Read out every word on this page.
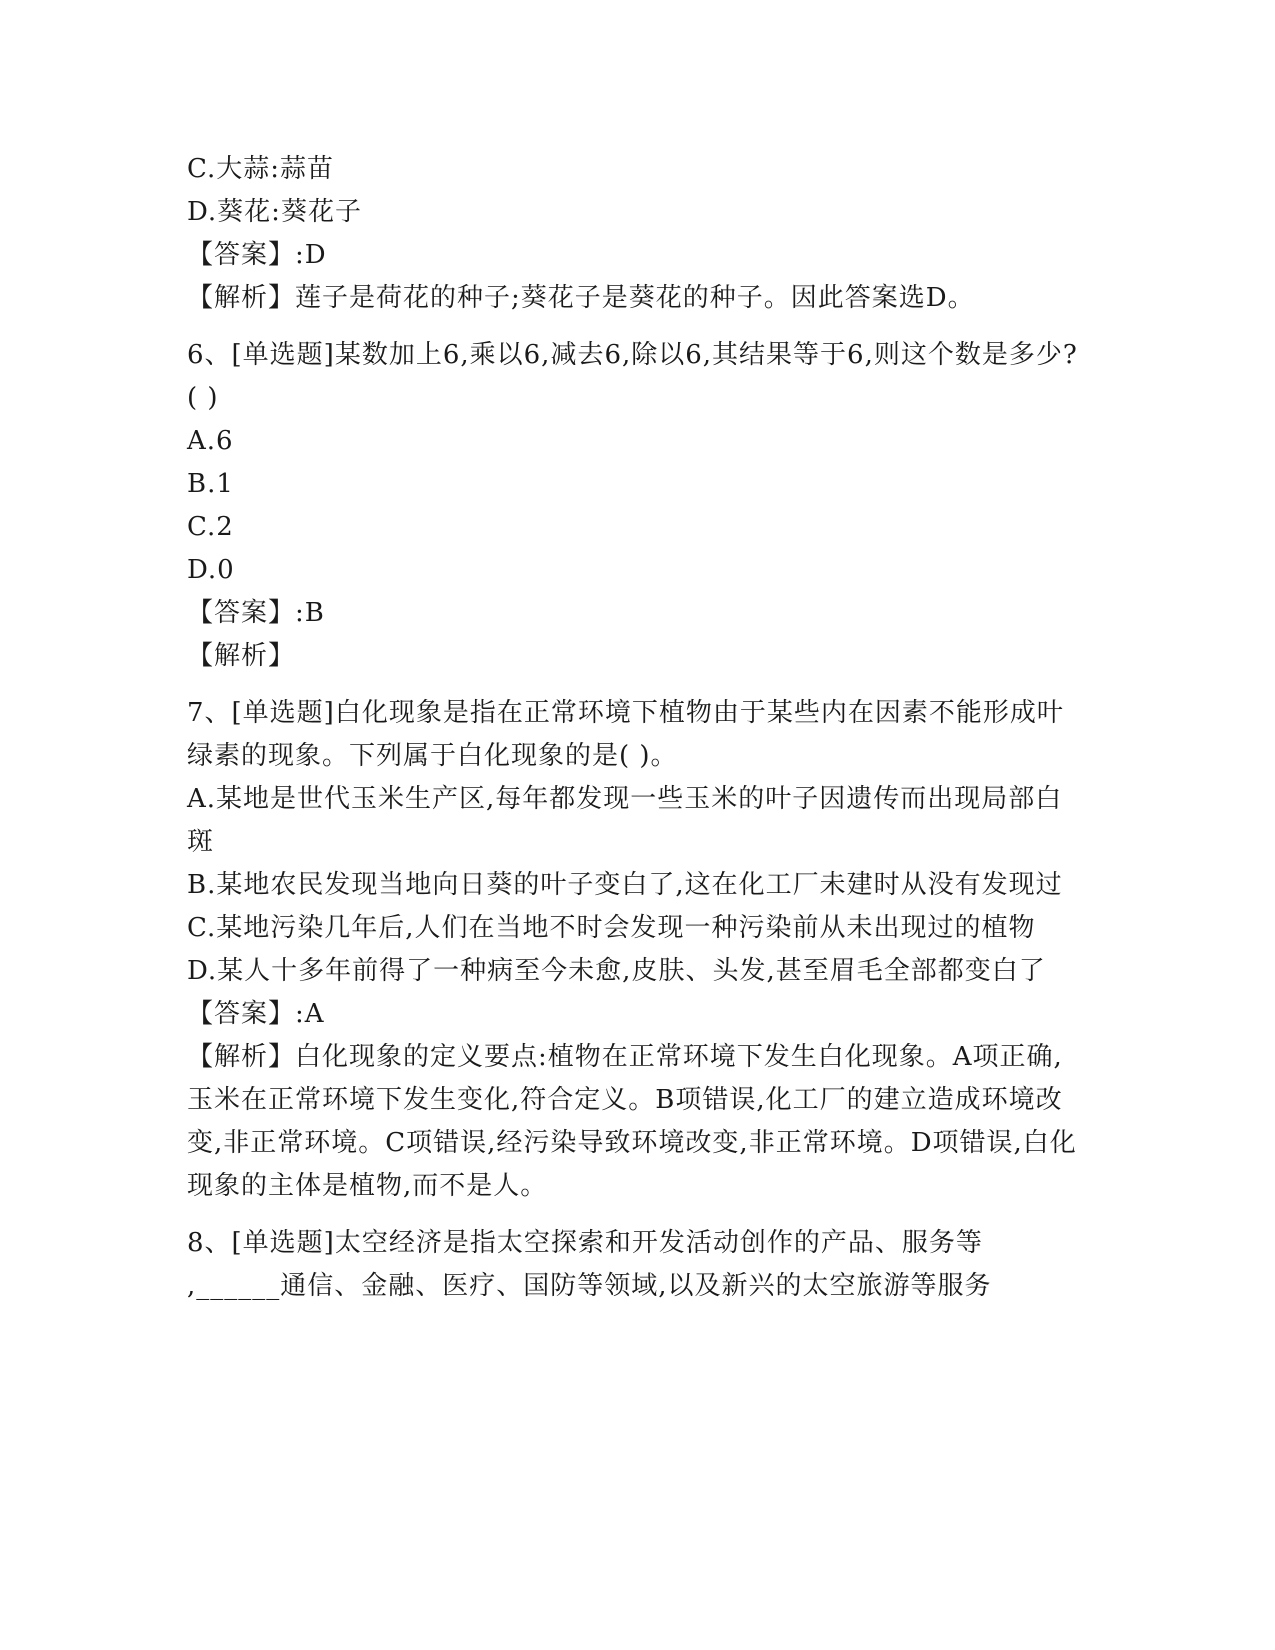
C.大蒜:蒜苗
D.葵花:葵花子
【答案】:D
【解析】莲子是荷花的种子;葵花子是葵花的种子。因此答案选D。
6、[单选题]某数加上6,乘以6,减去6,除以6,其结果等于6,则这个数是多少?( )
A.6
B.1
C.2
D.0
【答案】:B
【解析】
7、[单选题]白化现象是指在正常环境下植物由于某些内在因素不能形成叶绿素的现象。下列属于白化现象的是( )。
A.某地是世代玉米生产区,每年都发现一些玉米的叶子因遗传而出现局部白斑
B.某地农民发现当地向日葵的叶子变白了,这在化工厂未建时从没有发现过
C.某地污染几年后,人们在当地不时会发现一种污染前从未出现过的植物
D.某人十多年前得了一种病至今未愈,皮肤、头发,甚至眉毛全部都变白了
【答案】:A
【解析】白化现象的定义要点:植物在正常环境下发生白化现象。A项正确,玉米在正常环境下发生变化,符合定义。B项错误,化工厂的建立造成环境改变,非正常环境。C项错误,经污染导致环境改变,非正常环境。D项错误,白化现象的主体是植物,而不是人。
8、[单选题]太空经济是指太空探索和开发活动创作的产品、服务等
,______通信、金融、医疗、国防等领域,以及新兴的太空旅游等服务
